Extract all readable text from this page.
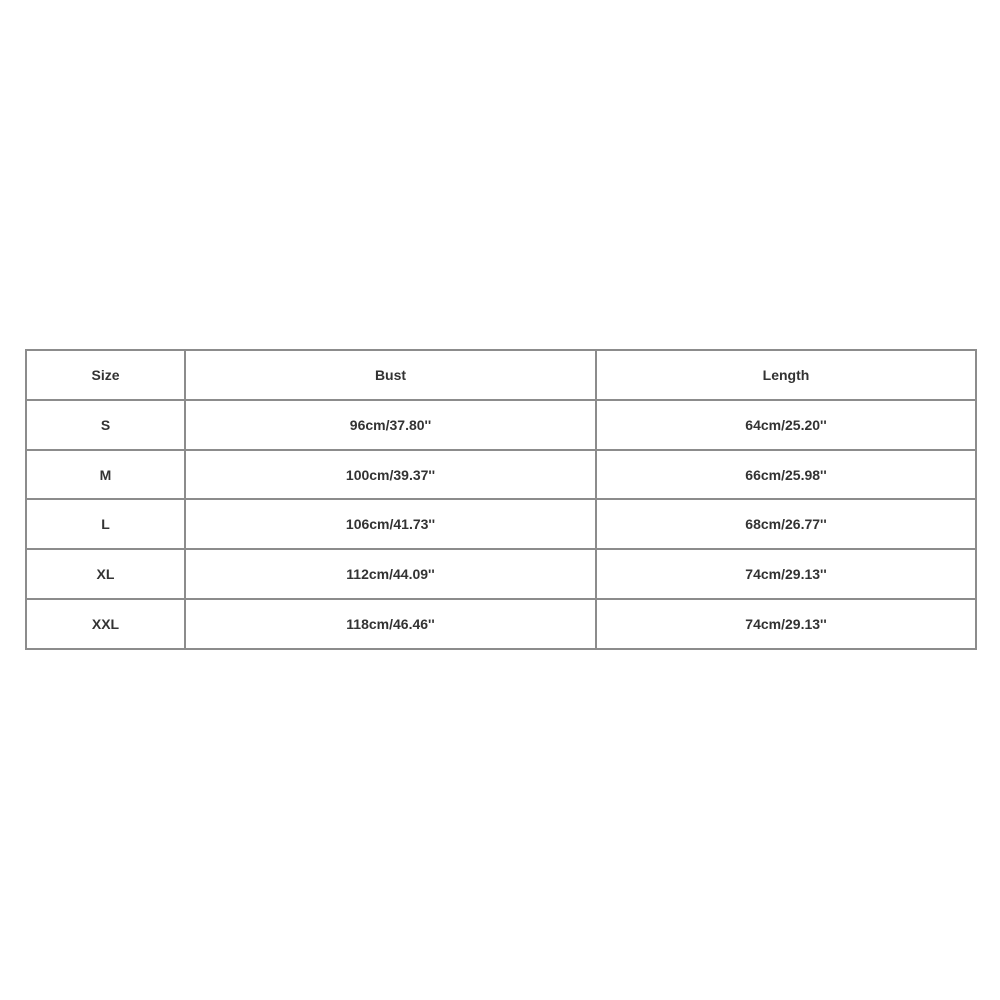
Size	Bust	Length
S	96cm/37.80''	64cm/25.20''
M	100cm/39.37''	66cm/25.98''
L	106cm/41.73''	68cm/26.77''
XL	112cm/44.09''	74cm/29.13''
XXL	118cm/46.46''	74cm/29.13''
